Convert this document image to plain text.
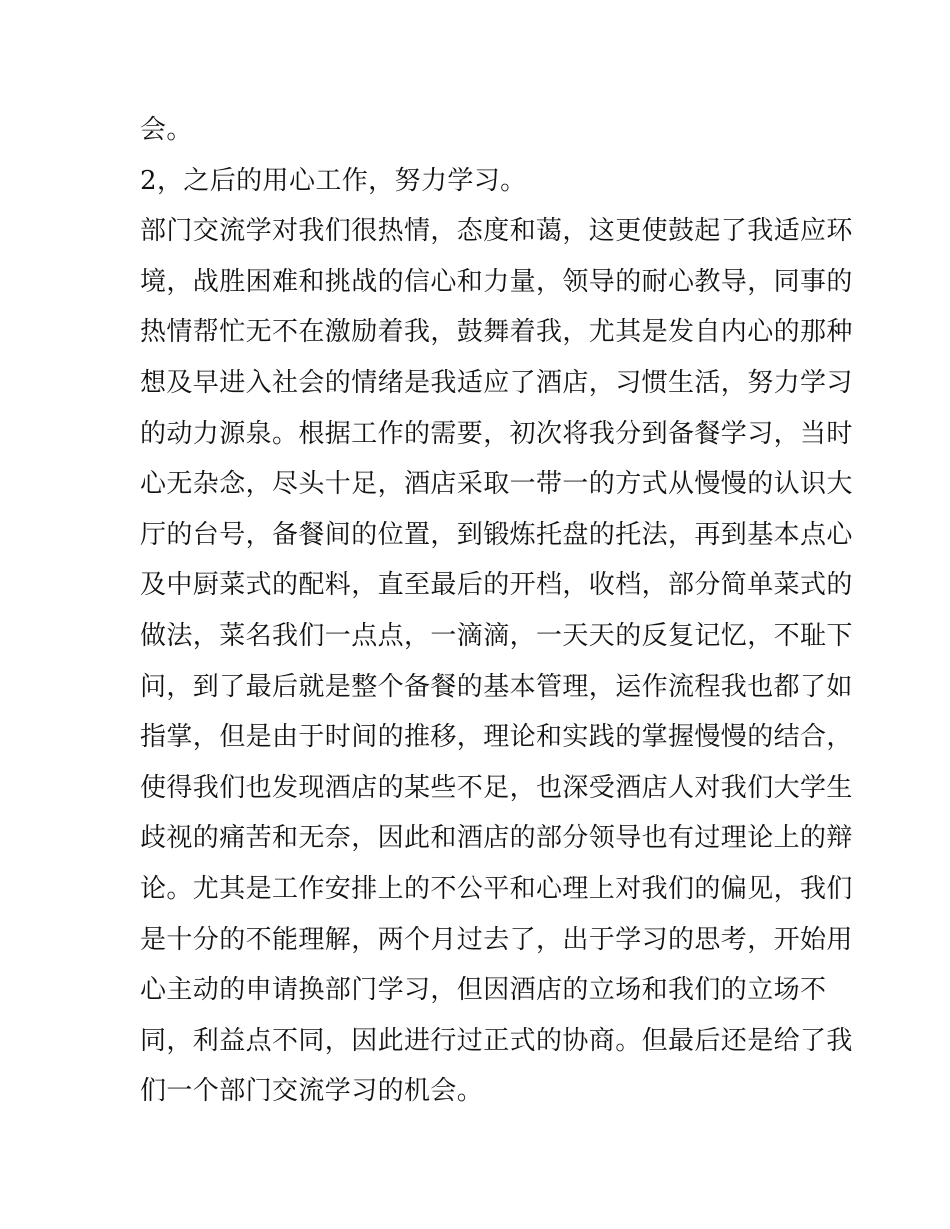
会。
2，之后的用心工作，努力学习。
部门交流学对我们很热情，态度和蔼，这更使鼓起了我适应环
境，战胜困难和挑战的信心和力量，领导的耐心教导，同事的
热情帮忙无不在激励着我，鼓舞着我，尤其是发自内心的那种
想及早进入社会的情绪是我适应了酒店，习惯生活，努力学习
的动力源泉。根据工作的需要，初次将我分到备餐学习，当时
心无杂念，尽头十足，酒店采取一带一的方式从慢慢的认识大
厅的台号，备餐间的位置，到锻炼托盘的托法，再到基本点心
及中厨菜式的配料，直至最后的开档，收档，部分简单菜式的
做法，菜名我们一点点，一滴滴，一天天的反复记忆，不耻下
问，到了最后就是整个备餐的基本管理，运作流程我也都了如
指掌，但是由于时间的推移，理论和实践的掌握慢慢的结合，
使得我们也发现酒店的某些不足，也深受酒店人对我们大学生
歧视的痛苦和无奈，因此和酒店的部分领导也有过理论上的辩
论。尤其是工作安排上的不公平和心理上对我们的偏见，我们
是十分的不能理解，两个月过去了，出于学习的思考，开始用
心主动的申请换部门学习，但因酒店的立场和我们的立场不
同，利益点不同，因此进行过正式的协商。但最后还是给了我
们一个部门交流学习的机会。
